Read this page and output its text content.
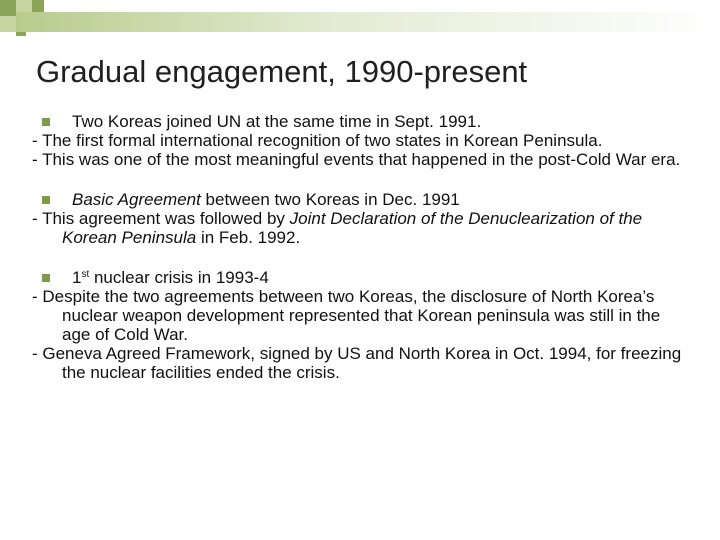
Gradual engagement, 1990-present
Two Koreas joined UN at the same time in Sept. 1991.
- The first formal international recognition of two states in Korean Peninsula.
- This was one of the most meaningful events that happened in the post-Cold War era.
Basic Agreement between two Koreas in Dec. 1991
- This agreement was followed by Joint Declaration of the Denuclearization of the Korean Peninsula in Feb. 1992.
1st nuclear crisis in 1993-4
- Despite the two agreements between two Koreas, the disclosure of North Korea’s nuclear weapon development represented that Korean peninsula was still in the age of Cold War.
- Geneva Agreed Framework, signed by US and North Korea in Oct. 1994, for freezing the nuclear facilities ended the crisis.
